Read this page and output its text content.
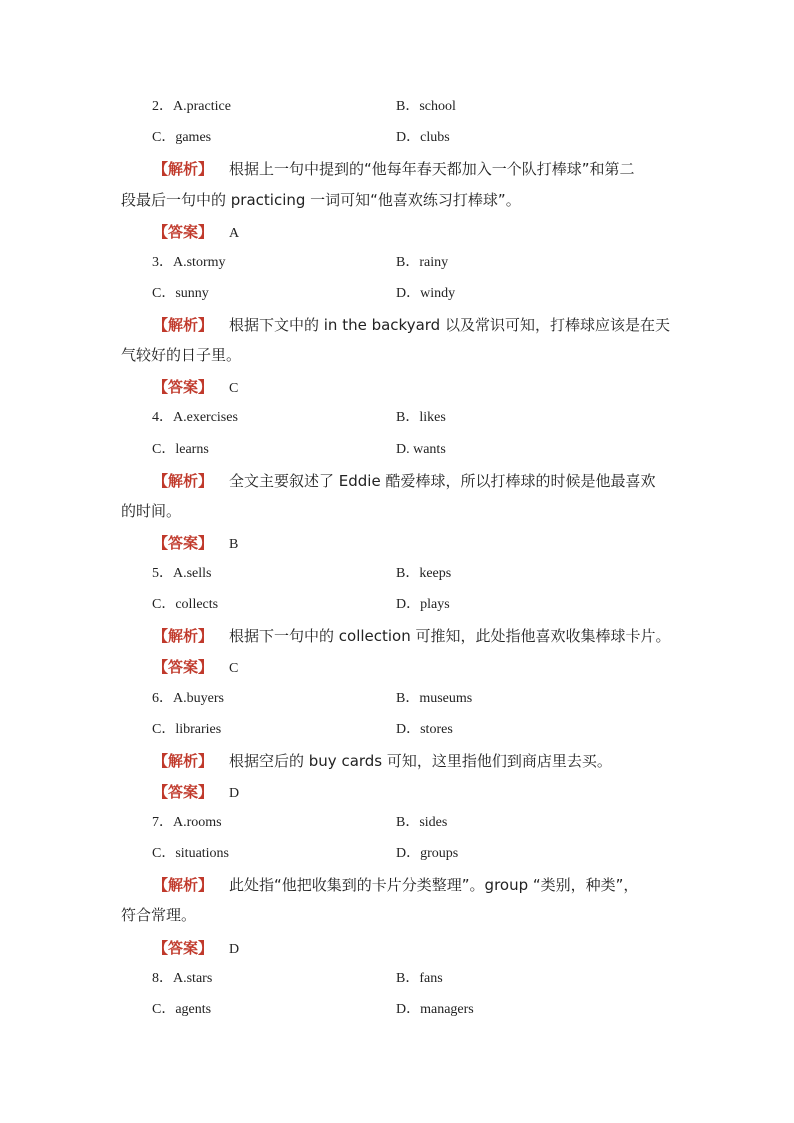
2．A.practice	B．school
C．games	D．clubs
【解析】 根据上一句中提到的“他每年春天都加入一个队打棒球”和第二
段最后一句中的 practicing 一词可知“他喜欢练习打棒球”。
【答案】 A
3．A.stormy	B．rainy
C．sunny	D．windy
【解析】 根据下文中的 in the backyard 以及常识可知，打棒球应该是在天
气较好的日子里。
【答案】 C
4．A.exercises	B．likes
C．learns	D. wants
【解析】 全文主要叙述了 Eddie 酷爱棒球，所以打棒球的时候是他最喜欢
的时间。
【答案】 B
5．A.sells	B．keeps
C．collects	D．plays
【解析】 根据下一句中的 collection 可推知，此处指他喜欢收集棒球卡片。
【答案】 C
6．A.buyers	B．museums
C．libraries	D．stores
【解析】 根据空后的 buy cards 可知，这里指他们到商店里去买。
【答案】 D
7．A.rooms	B．sides
C．situations	D．groups
【解析】 此处指“他把收集到的卡片分类整理”。group “类别，种类”，
符合常理。
【答案】 D
8．A.stars	B．fans
C．agents	D．managers
